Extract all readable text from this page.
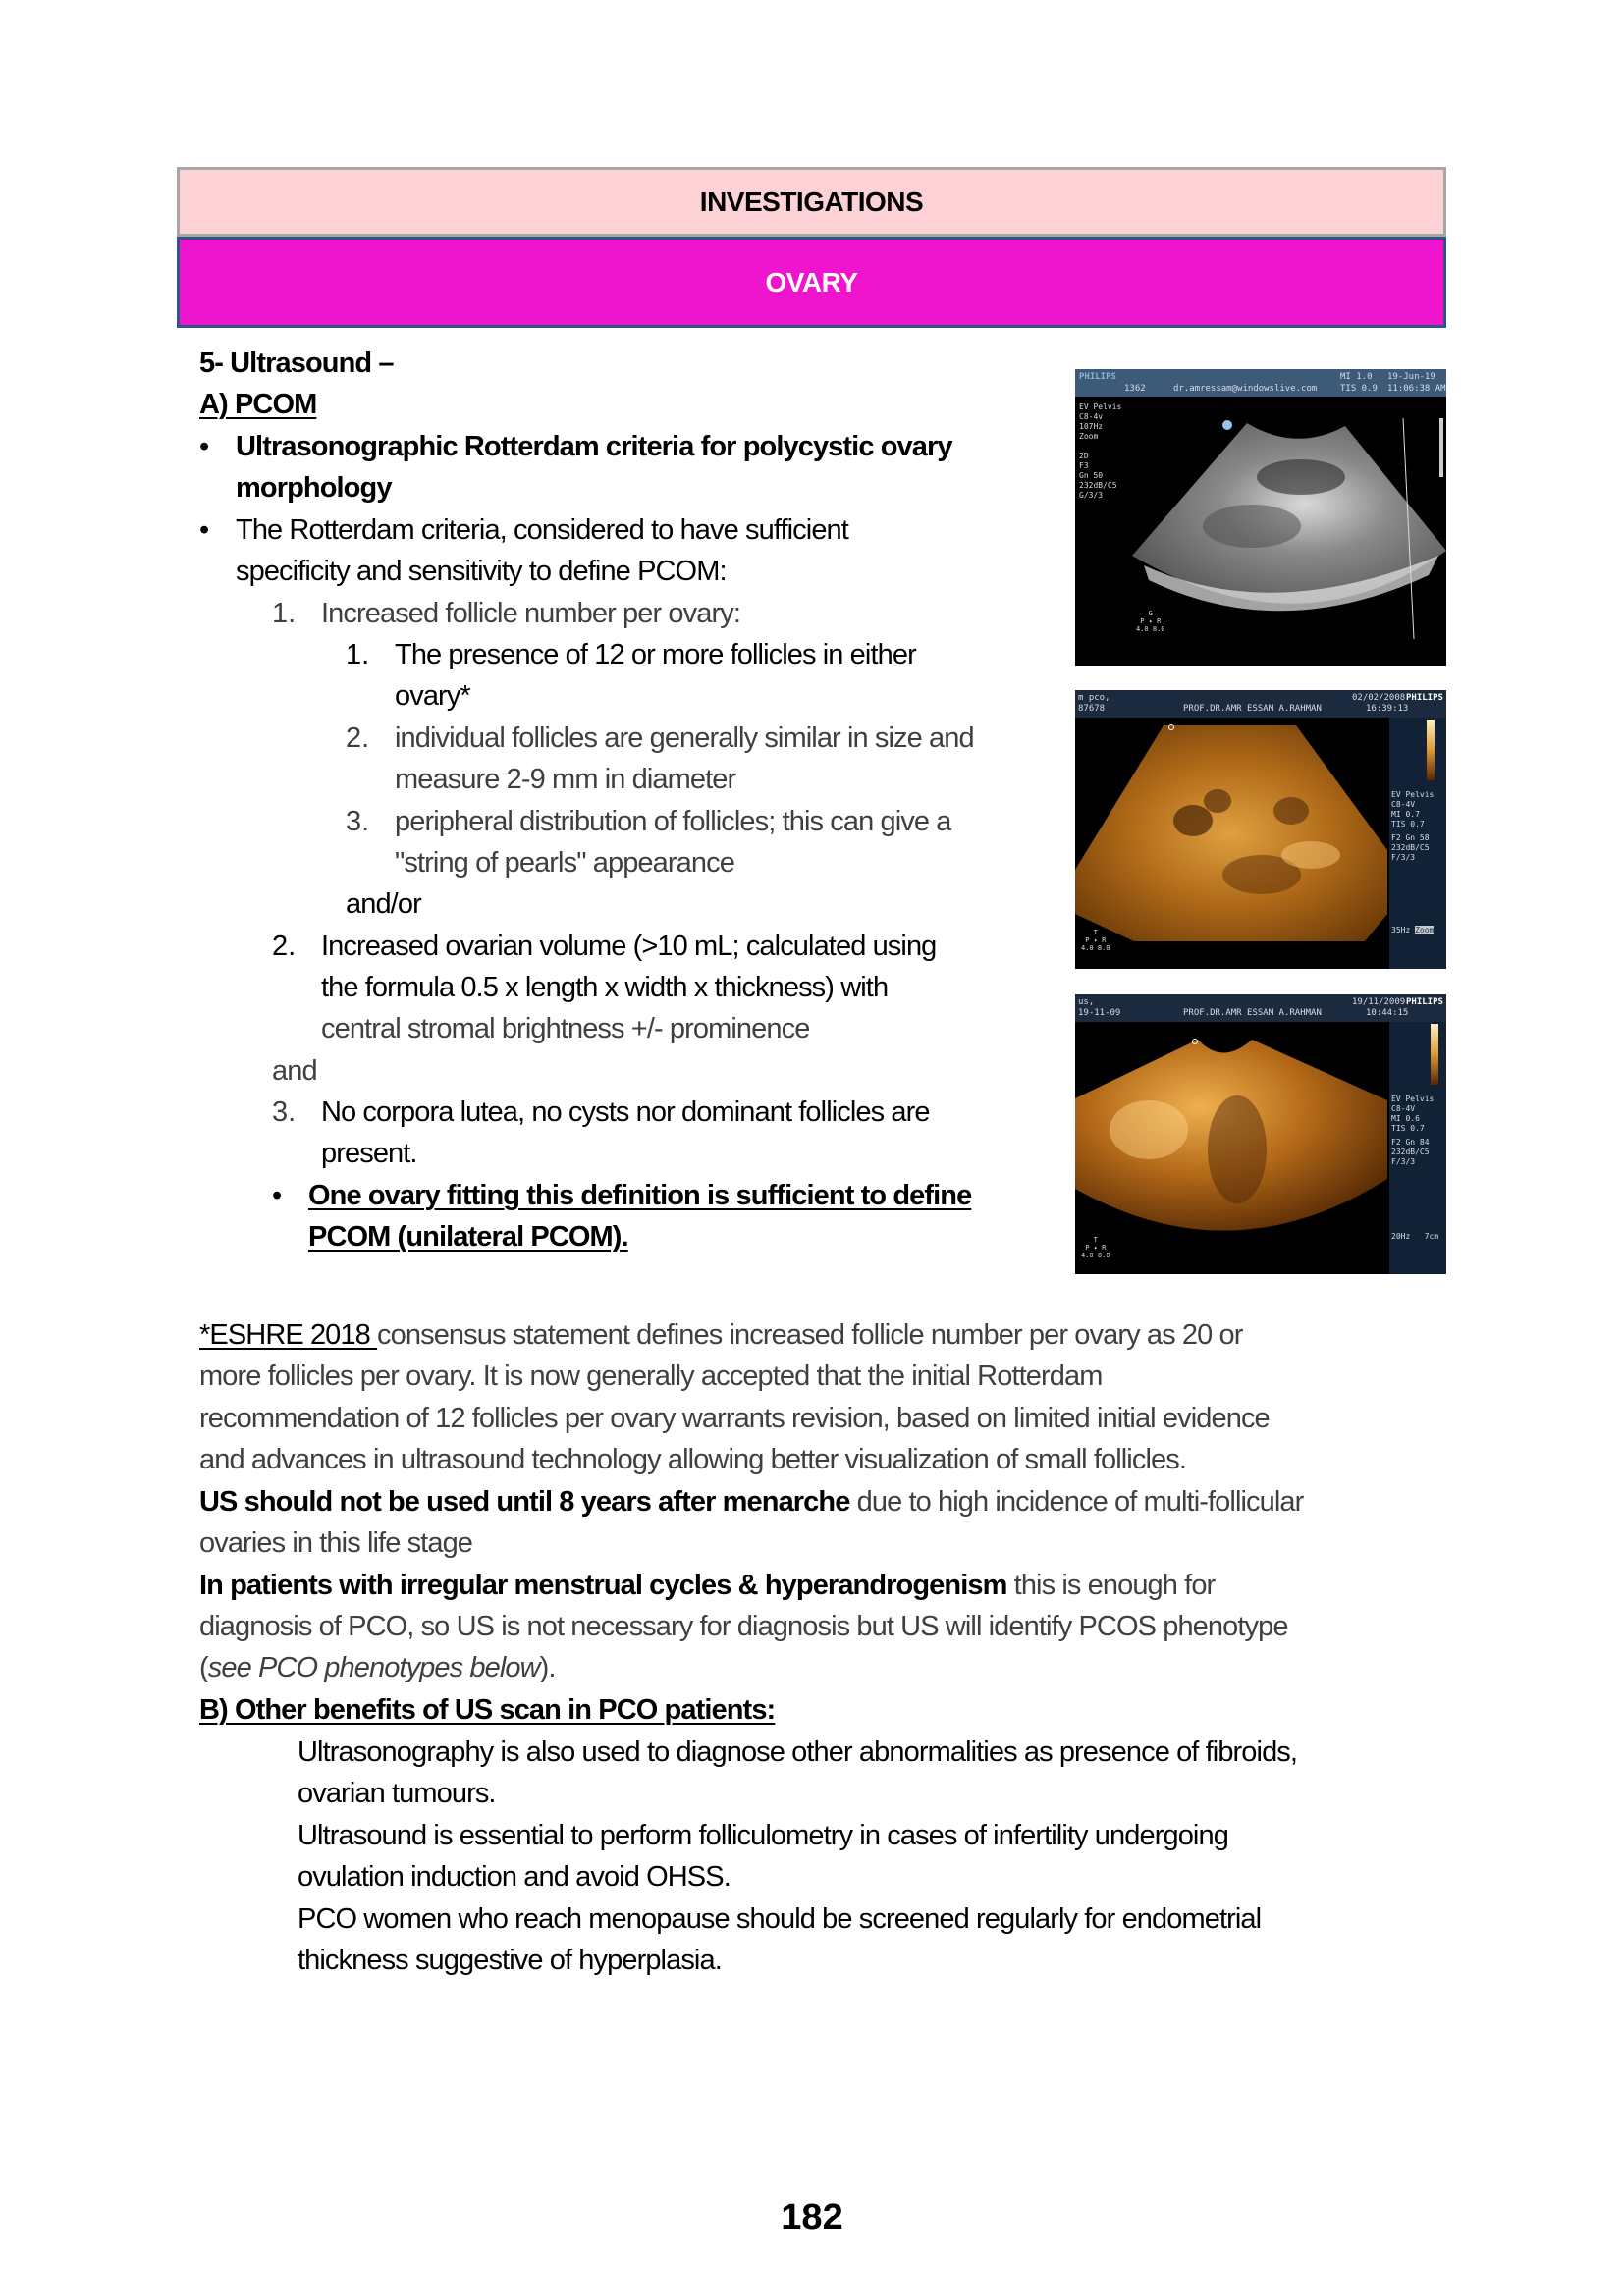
INVESTIGATIONS
OVARY
5- Ultrasound –
A) PCOM
• Ultrasonographic Rotterdam criteria for polycystic ovary
morphology
• The Rotterdam criteria, considered to have sufficient
specificity and sensitivity to define PCOM:
1. Increased follicle number per ovary:
1. The presence of 12 or more follicles in either
ovary*
2. individual follicles are generally similar in size and
measure 2-9 mm in diameter
3. peripheral distribution of follicles; this can give a
"string of pearls" appearance
and/or
2. Increased ovarian volume (>10 mL; calculated using
the formula 0.5 x length x width x thickness) with
central stromal brightness +/- prominence
and
3. No corpora lutea, no cysts nor dominant follicles are
present.
• One ovary fitting this definition is sufficient to define
PCOM (unilateral PCOM).
PHILIPS
1362	dr.amressam@windowslive.com
MI 1.0
TIS 0.9
19-Jun-19
11:06:38 AM
EV Pelvis
C8-4v
107Hz
Zoom

2D
F3
Gn 50
232dB/C5
G/3/3
G
P ✦ R
4.0 8.0
m pco,
87678	PROF.DR.AMR ESSAM A.RAHMAN
02/02/2008
16:39:13
PHILIPS
EV Pelvis
C8-4V
MI 0.7
TIS 0.7
F2 Gn 58
232dB/C5
F/3/3
35Hz Zoom
T
P ✦ R
4.0 8.0
us,
19-11-09	PROF.DR.AMR ESSAM A.RAHMAN
19/11/2009
10:44:15
PHILIPS
EV Pelvis
C8-4V
MI 0.6
TIS 0.7
F2 Gn 84
232dB/C5
F/3/3
20Hz 7cm
T
P ✦ R
4.0 8.0
*ESHRE 2018 consensus statement defines increased follicle number per ovary as 20 or
more follicles per ovary. It is now generally accepted that the initial Rotterdam
recommendation of 12 follicles per ovary warrants revision, based on limited initial evidence
and advances in ultrasound technology allowing better visualization of small follicles.
US should not be used until 8 years after menarche due to high incidence of multi-follicular
ovaries in this life stage
In patients with irregular menstrual cycles & hyperandrogenism this is enough for
diagnosis of PCO, so US is not necessary for diagnosis but US will identify PCOS phenotype
(see PCO phenotypes below).
B) Other benefits of US scan in PCO patients:
Ultrasonography is also used to diagnose other abnormalities as presence of fibroids,
ovarian tumours.
Ultrasound is essential to perform folliculometry in cases of infertility undergoing
ovulation induction and avoid OHSS.
PCO women who reach menopause should be screened regularly for endometrial
thickness suggestive of hyperplasia.
182
